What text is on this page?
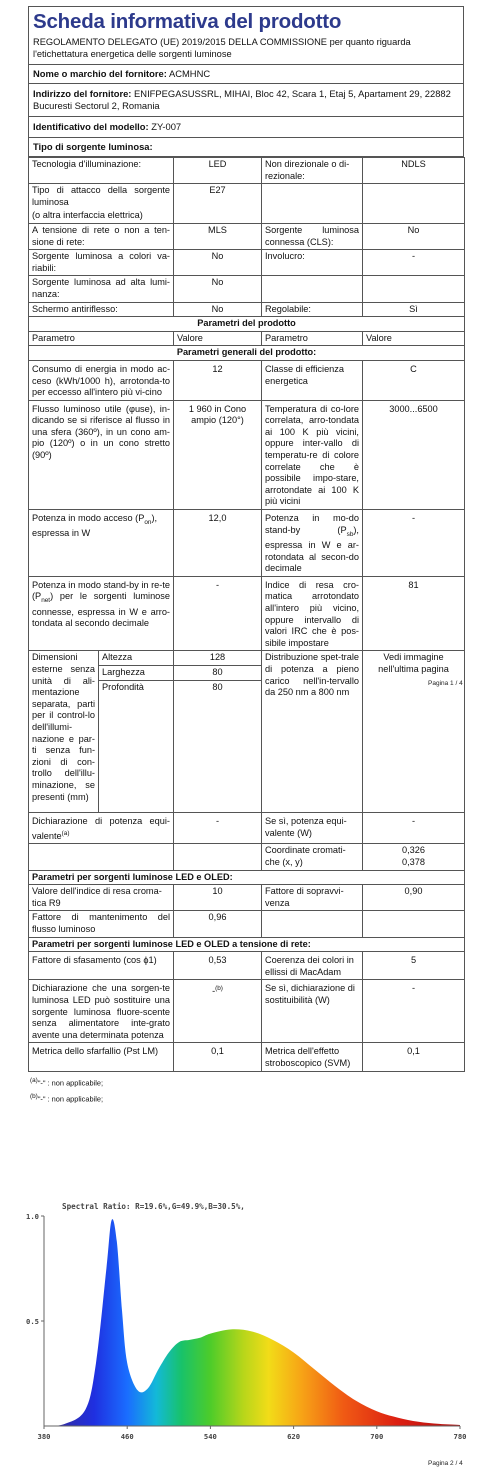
Scheda informativa del prodotto
REGOLAMENTO DELEGATO (UE) 2019/2015 DELLA COMMISSIONE per quanto riguarda l'etichettatura energetica delle sorgenti luminose
Nome o marchio del fornitore: ACMHNC
Indirizzo del fornitore: ENIFPEGASUSSRL, MIHAI, Bloc 42, Scara 1, Etaj 5, Apartament 29, 22882 Bucuresti Sectorul 2, Romania
Identificativo del modello: ZY-007
Tipo di sorgente luminosa:
Tecnologia d'illuminazione:	LED	Non direzionale o di-rezionale:	NDLS

Tipo di attacco della sorgente luminosa
(o altra interfaccia elettrica)	E27		
A tensione di rete o non a ten-sione di rete:	MLS	Sorgente luminosa connessa (CLS):	No
Sorgente luminosa a colori va-riabili:	No	Involucro:	-
Sorgente luminosa ad alta lumi-nanza:	No		
Schermo antiriflesso:	No	Regolabile:	Sì
Parametri del prodotto			
Parametro	Valore	Parametro	Valore
Parametri generali del prodotto:			
Consumo di energia in modo ac-ceso (kWh/1000 h), arrotonda-to per eccesso all'intero più vi-cino	12	Classe di efficienza energetica	C
Flusso luminoso utile (φuse), in-dicando se si riferisce al flusso in una sfera (360º), in un cono am-pio (120º) o in un cono stretto (90º)	1 960 in Cono ampio (120°)	Temperatura di co-lore correlata, arro-tondata ai 100 K più vicini, oppure inter-vallo di temperatu-re di colore correlate che è possibile impo-stare, arrotondate ai 100 K più vicini	3000...6500
Potenza in modo acceso $(P_{on})$, espressa in W	12,0	Potenza in mo-do stand-by $(P_{sb})$, espressa in W e ar-rotondata al secon-do decimale	-
Potenza in modo stand-by in re-te $(P_{net})$ per le sorgenti luminose connesse, espressa in W e arro-tondata al secondo decimale	-	Indice di resa cro-matica arrotondato all'intero più vicino, oppure intervallo di valori IRC che è pos-sibile impostare	81
Dimensioni esterne senza unità di ali-mentazione separata, parti per il control-lo dell'illumi-nazione e par-ti senza fun-zioni di con-trollo dell'illu-minazione, se presenti (mm)	Altezza	128	Distribuzione spet-trale di potenza a pieno carico nell'in-tervallo da 250 nm a 800 nm	Vedi immagine nell'ultima pagina
	Larghezza	80		
	Profondità	80		

Dichiarazione di potenza equi-valente$^{(a)}$	-	Se sì, potenza equi-valente (W)	-
		Coordinate cromati-che (x, y)	0,326
0,378

Parametri per sorgenti luminose LED e OLED:			
Valore dell'indice di resa croma-tica R9	10	Fattore di sopravvi-venza	0,90
Fattore di mantenimento del flusso luminoso	0,96		
Parametri per sorgenti luminose LED e OLED a tensione di rete:			
Fattore di sfasamento (cos ϕ1)	0,53	Coerenza dei colori in ellissi di MacAdam	5
Dichiarazione che una sorgen-te luminosa LED può sostituire una sorgente luminosa fluore-scente senza alimentatore inte-grato avente una determinata potenza	-$^{(b)}$	Se sì, dichiarazione di sostituibilità (W)	-
Metrica dello sfarfallio (Pst LM)	0,1	Metrica dell'effetto stroboscopico (SVM)	0,1
$^{(a)}$"-" : non applicabile;
$^{(b)}$"-" : non applicabile;
Pagina 1 / 4
Spectral Ratio: R=19.6%,G=49.9%,B=30.5%,
380	460	540	620	700	780
1.0
0.5
Pagina 2 / 4
